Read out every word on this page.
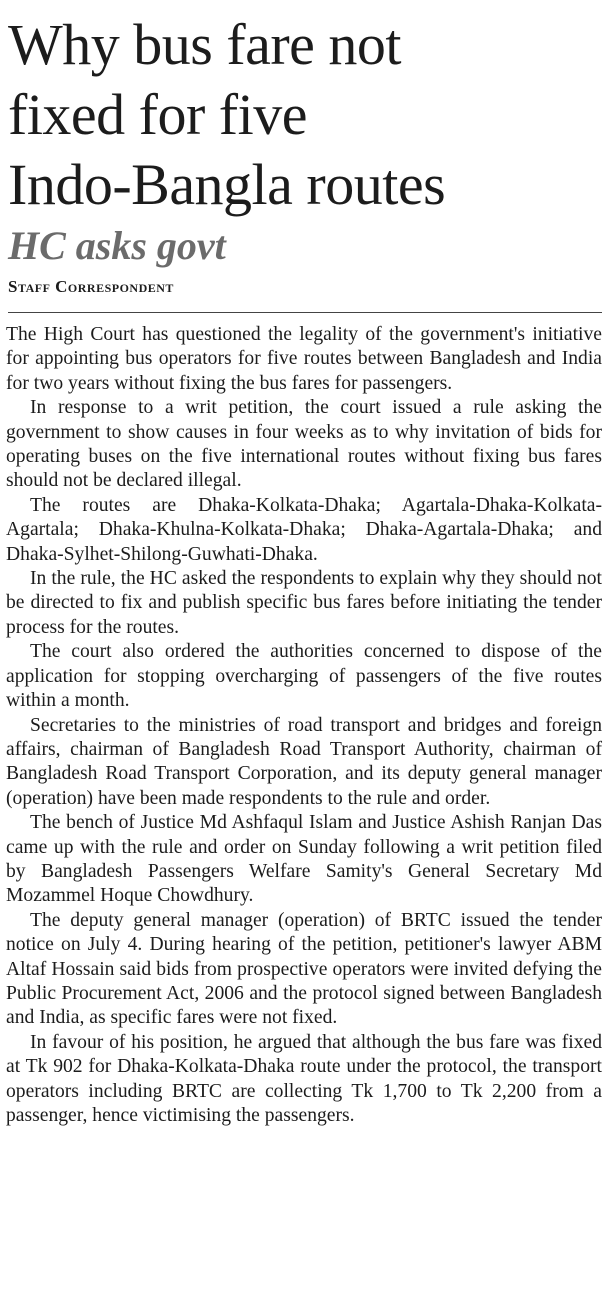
Why bus fare not
fixed for five
Indo-Bangla routes
HC asks govt
Staff Correspondent

The High Court has questioned the legality of the government's initiative for appointing bus operators for five routes between Bangladesh and India for two years without fixing the bus fares for passengers.

In response to a writ petition, the court issued a rule asking the government to show causes in four weeks as to why invitation of bids for operating buses on the five international routes without fixing bus fares should not be declared illegal.

The routes are Dhaka-Kolkata-Dhaka; Agartala-Dhaka-Kolkata-Agartala; Dhaka-Khulna-Kolkata-Dhaka; Dhaka-Agartala-Dhaka; and Dhaka-Sylhet-Shilong-Guwhati-Dhaka.

In the rule, the HC asked the respondents to explain why they should not be directed to fix and publish specific bus fares before initiating the tender process for the routes.

The court also ordered the authorities concerned to dispose of the application for stopping overcharging of passengers of the five routes within a month.

Secretaries to the ministries of road transport and bridges and foreign affairs, chairman of Bangladesh Road Transport Authority, chairman of Bangladesh Road Transport Corporation, and its deputy general manager (operation) have been made respondents to the rule and order.

The bench of Justice Md Ashfaqul Islam and Justice Ashish Ranjan Das came up with the rule and order on Sunday following a writ petition filed by Bangladesh Passengers Welfare Samity's General Secretary Md Mozammel Hoque Chowdhury.

The deputy general manager (operation) of BRTC issued the tender notice on July 4. During hearing of the petition, petitioner's lawyer ABM Altaf Hossain said bids from prospective operators were invited defying the Public Procurement Act, 2006 and the protocol signed between Bangladesh and India, as specific fares were not fixed.

In favour of his position, he argued that although the bus fare was fixed at Tk 902 for Dhaka-Kolkata-Dhaka route under the protocol, the transport operators including BRTC are collecting Tk 1,700 to Tk 2,200 from a passenger, hence victimising the passengers.
